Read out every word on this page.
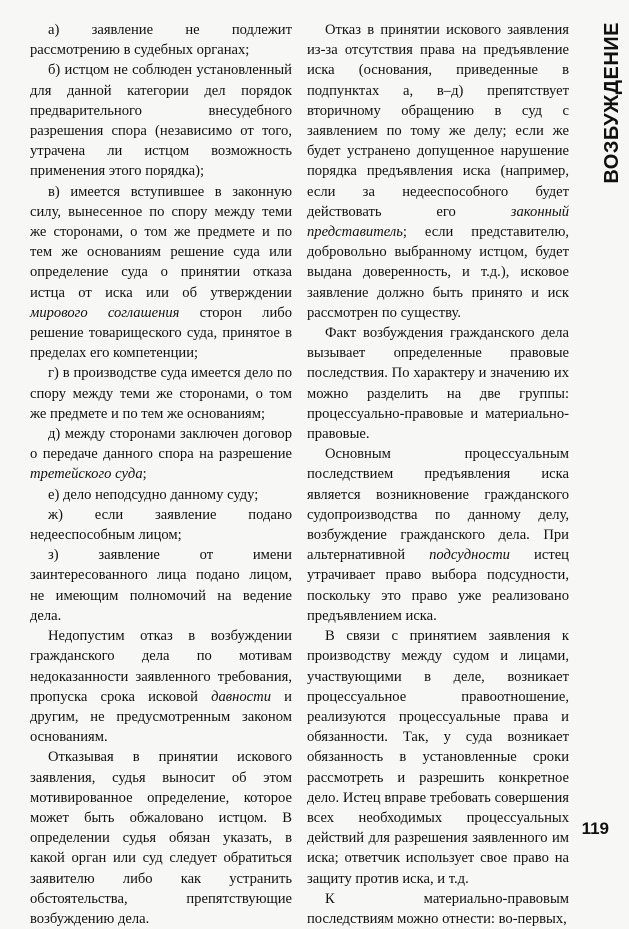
а) заявление не подлежит рассмотрению в судебных органах;

б) истцом не соблюден установленный для данной категории дел порядок предварительного внесудебного разрешения спора (независимо от того, утрачена ли истцом возможность применения этого порядка);

в) имеется вступившее в законную силу, вынесенное по спору между теми же сторонами, о том же предмете и по тем же основаниям решение суда или определение суда о принятии отказа истца от иска или об утверждении мирового соглашения сторон либо решение товарищеского суда, принятое в пределах его компетенции;

г) в производстве суда имеется дело по спору между теми же сторонами, о том же предмете и по тем же основаниям;

д) между сторонами заключен договор о передаче данного спора на разрешение третейского суда;

е) дело неподсудно данному суду;

ж) если заявление подано недееспособным лицом;

з) заявление от имени заинтересованного лица подано лицом, не имеющим полномочий на ведение дела.

Недопустим отказ в возбуждении гражданского дела по мотивам недоказанности заявленного требования, пропуска срока исковой давности и другим, не предусмотренным законом основаниям.

Отказывая в принятии искового заявления, судья выносит об этом мотивированное определение, которое может быть обжаловано истцом. В определении судья обязан указать, в какой орган или суд следует обратиться заявителю либо как устранить обстоятельства, препятствующие возбуждению дела.

Отказ в принятии искового заявления из-за отсутствия права на предъявление иска (основания, приведенные в подпунктах а, в–д) препятствует вторичному обращению в суд с заявлением по тому же делу; если же будет устранено допущенное нарушение порядка предъявления иска (например, если за недееспособного будет действовать его законный представитель; если представителю, добровольно выбранному истцом, будет выдана доверенность, и т.д.), исковое заявление должно быть принято и иск рассмотрен по существу.

Факт возбуждения гражданского дела вызывает определенные правовые последствия. По характеру и значению их можно разделить на две группы: процессуально-правовые и материально-правовые.

Основным процессуальным последствием предъявления иска является возникновение гражданского судопроизводства по данному делу, возбуждение гражданского дела. При альтернативной подсудности истец утрачивает право выбора подсудности, поскольку это право уже реализовано предъявлением иска.

В связи с принятием заявления к производству между судом и лицами, участвующими в деле, возникает процессуальное правоотношение, реализуются процессуальные права и обязанности. Так, у суда возникает обязанность в установленные сроки рассмотреть и разрешить конкретное дело. Истец вправе требовать совершения всех необходимых процессуальных действий для разрешения заявленного им иска; ответчик использует свое право на защиту против иска, и т.д.

К материально-правовым последствиям можно отнести: во-первых,

ВОЗБУЖДЕНИЕ
119
